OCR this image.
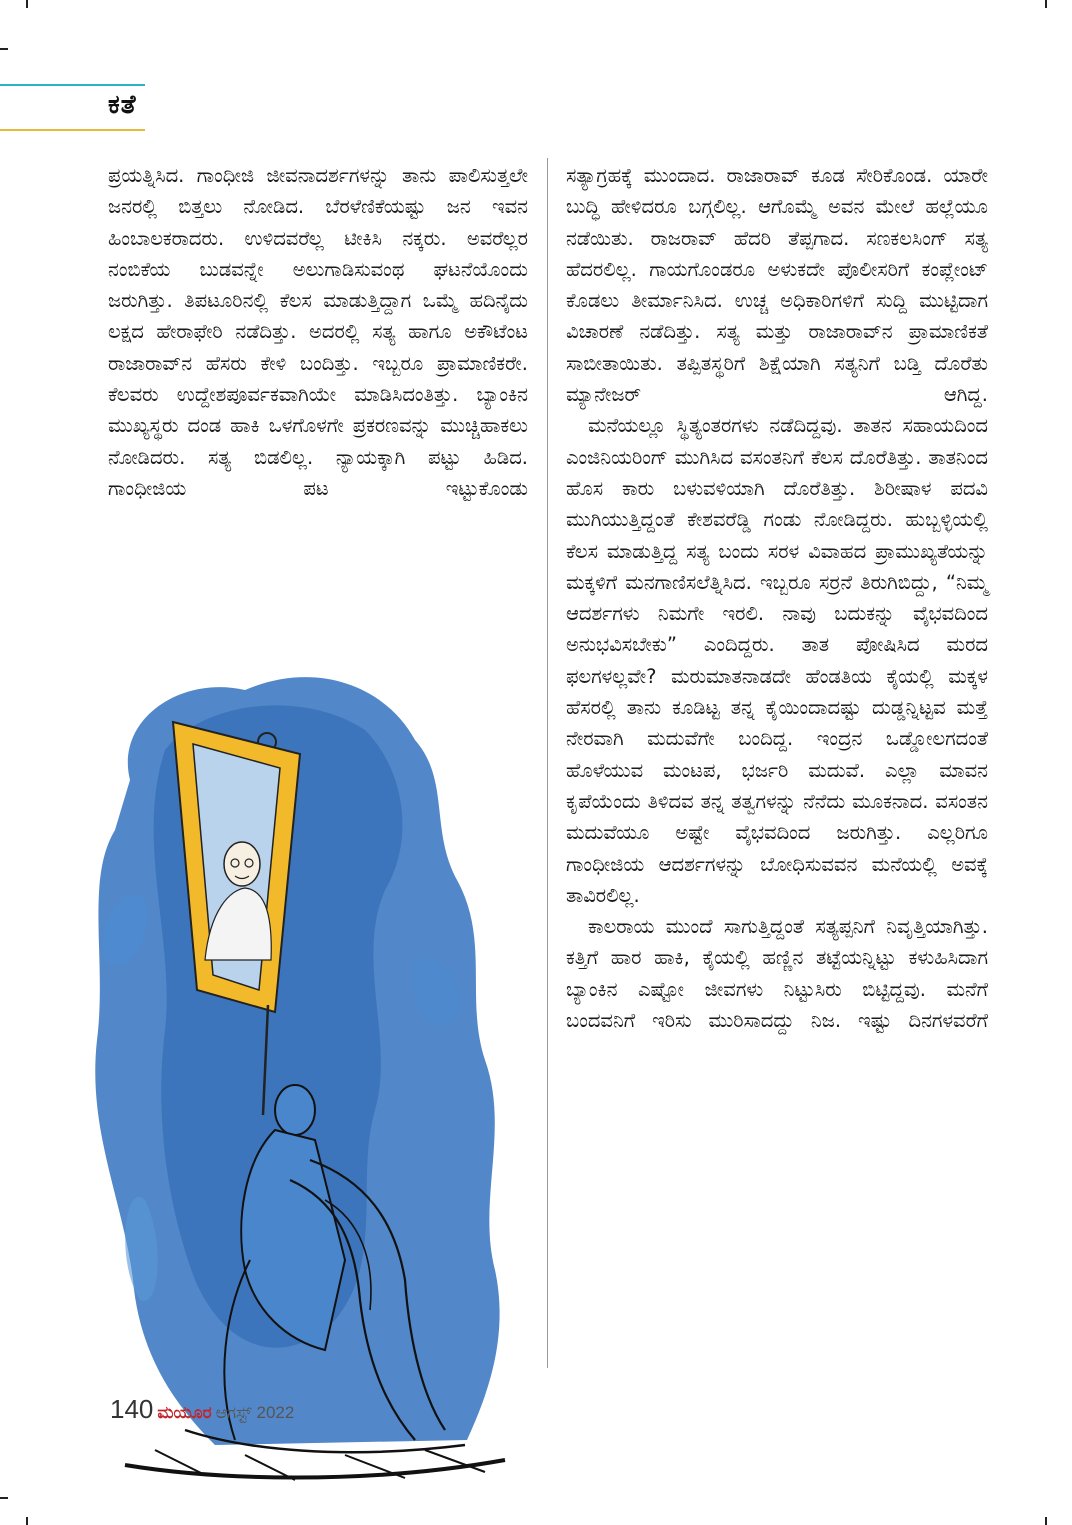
ಕತೆ

ಪ್ರಯತ್ನಿಸಿದ. ಗಾಂಧೀಜಿ ಜೀವನಾದರ್ಶಗಳನ್ನು ತಾನು ಪಾಲಿಸುತ್ತಲೇ ಜನರಲ್ಲಿ ಬಿತ್ತಲು ನೋಡಿದ. ಬೆರಳೆಣಿಕೆಯಷ್ಟು ಜನ ಇವನ ಹಿಂಬಾಲಕರಾದರು. ಉಳಿದವರೆಲ್ಲ ಟೀಕಿಸಿ ನಕ್ಕರು. ಅವರೆಲ್ಲರ ನಂಬಿಕೆಯ ಬುಡವನ್ನೇ ಅಲುಗಾಡಿಸುವಂಥ ಘಟನೆಯೊಂದು ಜರುಗಿತ್ತು. ತಿಪಟೂರಿನಲ್ಲಿ ಕೆಲಸ ಮಾಡುತ್ತಿದ್ದಾಗ ಒಮ್ಮೆ ಹದಿನೈದು ಲಕ್ಷದ ಹೇರಾಫೇರಿ ನಡೆದಿತ್ತು. ಅದರಲ್ಲಿ ಸತ್ಯ ಹಾಗೂ ಅಕೌಟೆಂಟ ರಾಜಾರಾವ್‌ನ ಹೆಸರು ಕೇಳಿ ಬಂದಿತ್ತು. ಇಬ್ಬರೂ ಪ್ರಾಮಾಣಿಕರೇ. ಕೆಲವರು ಉದ್ದೇಶಪೂರ್ವಕವಾಗಿಯೇ ಮಾಡಿಸಿದಂತಿತ್ತು. ಬ್ಯಾಂಕಿನ ಮುಖ್ಯಸ್ಥರು ದಂಡ ಹಾಕಿ ಒಳಗೊಳಗೇ ಪ್ರಕರಣವನ್ನು ಮುಚ್ಚಿಹಾಕಲು ನೋಡಿದರು. ಸತ್ಯ ಬಿಡಲಿಲ್ಲ. ನ್ಯಾಯಕ್ಕಾಗಿ ಪಟ್ಟು ಹಿಡಿದ. ಗಾಂಧೀಜಿಯ ಪಟ ಇಟ್ಟುಕೊಂಡು

ಸತ್ಯಾಗ್ರಹಕ್ಕೆ ಮುಂದಾದ. ರಾಜಾರಾವ್ ಕೂಡ ಸೇರಿಕೊಂಡ. ಯಾರೇ ಬುದ್ಧಿ ಹೇಳಿದರೂ ಬಗ್ಗಲಿಲ್ಲ. ಆಗೊಮ್ಮೆ ಅವನ ಮೇಲೆ ಹಲ್ಲೆಯೂ ನಡೆಯಿತು. ರಾಜರಾವ್ ಹೆದರಿ ತೆಪ್ಪಗಾದ. ಸಣಕಲಸಿಂಗ್ ಸತ್ಯ ಹೆದರಲಿಲ್ಲ. ಗಾಯಗೊಂಡರೂ ಅಳುಕದೇ ಪೊಲೀಸರಿಗೆ ಕಂಪ್ಲೇಂಟ್ ಕೊಡಲು ತೀರ್ಮಾನಿಸಿದ. ಉಚ್ಚ ಅಧಿಕಾರಿಗಳಿಗೆ ಸುದ್ದಿ ಮುಟ್ಟಿದಾಗ ವಿಚಾರಣೆ ನಡೆದಿತ್ತು. ಸತ್ಯ ಮತ್ತು ರಾಜಾರಾವ್‌ನ ಪ್ರಾಮಾಣಿಕತೆ ಸಾಬೀತಾಯಿತು. ತಪ್ಪಿತಸ್ಥರಿಗೆ ಶಿಕ್ಷೆಯಾಗಿ ಸತ್ಯನಿಗೆ ಬಡ್ತಿ ದೊರೆತು ಮ್ಯಾನೇಜರ್ ಆಗಿದ್ದ.

ಮನೆಯಲ್ಲೂ ಸ್ಥಿತ್ಯಂತರಗಳು ನಡೆದಿದ್ದವು. ತಾತನ ಸಹಾಯದಿಂದ ಎಂಜಿನಿಯರಿಂಗ್ ಮುಗಿಸಿದ ವಸಂತನಿಗೆ ಕೆಲಸ ದೊರೆತಿತ್ತು. ತಾತನಿಂದ ಹೊಸ ಕಾರು ಬಳುವಳಿಯಾಗಿ ದೊರೆತಿತ್ತು. ಶಿರೀಷಾಳ ಪದವಿ ಮುಗಿಯುತ್ತಿದ್ದಂತೆ ಕೇಶವರೆಡ್ಡಿ ಗಂಡು ನೋಡಿದ್ದರು. ಹುಬ್ಬಳ್ಳಿಯಲ್ಲಿ ಕೆಲಸ ಮಾಡುತ್ತಿದ್ದ ಸತ್ಯ ಬಂದು ಸರಳ ವಿವಾಹದ ಪ್ರಾಮುಖ್ಯತೆಯನ್ನು ಮಕ್ಕಳಿಗೆ ಮನಗಾಣಿಸಲೆತ್ನಿಸಿದ. ಇಬ್ಬರೂ ಸರ‍್ರನೆ ತಿರುಗಿಬಿದ್ದು, “ನಿಮ್ಮ ಆದರ್ಶಗಳು ನಿಮಗೇ ಇರಲಿ. ನಾವು ಬದುಕನ್ನು ವೈಭವದಿಂದ ಅನುಭವಿಸಬೇಕು” ಎಂದಿದ್ದರು. ತಾತ ಪೋಷಿಸಿದ ಮರದ ಫಲಗಳಲ್ಲವೇ? ಮರುಮಾತನಾಡದೇ ಹೆಂಡತಿಯ ಕೈಯಲ್ಲಿ ಮಕ್ಕಳ ಹೆಸರಲ್ಲಿ ತಾನು ಕೂಡಿಟ್ಟ ತನ್ನ ಕೈಯಿಂದಾದಷ್ಟು ದುಡ್ಡನ್ನಿಟ್ಟವ ಮತ್ತೆ ನೇರವಾಗಿ ಮದುವೆಗೇ ಬಂದಿದ್ದ. ಇಂದ್ರನ ಒಡ್ಡೋಲಗದಂತೆ ಹೊಳೆಯುವ ಮಂಟಪ, ಭರ್ಜರಿ ಮದುವೆ. ಎಲ್ಲಾ ಮಾವನ ಕೃಪೆಯೆಂದು ತಿಳಿದವ ತನ್ನ ತತ್ವಗಳನ್ನು ನೆನೆದು ಮೂಕನಾದ. ವಸಂತನ ಮದುವೆಯೂ ಅಷ್ಟೇ ವೈಭವದಿಂದ ಜರುಗಿತ್ತು. ಎಲ್ಲರಿಗೂ ಗಾಂಧೀಜಿಯ ಆದರ್ಶಗಳನ್ನು ಬೋಧಿಸುವವನ ಮನೆಯಲ್ಲಿ ಅವಕ್ಕೆ ತಾವಿರಲಿಲ್ಲ.

ಕಾಲರಾಯ ಮುಂದೆ ಸಾಗುತ್ತಿದ್ದಂತೆ ಸತ್ಯಪ್ಪನಿಗೆ ನಿವೃತ್ತಿಯಾಗಿತ್ತು. ಕತ್ತಿಗೆ ಹಾರ ಹಾಕಿ, ಕೈಯಲ್ಲಿ ಹಣ್ಣಿನ ತಟ್ಟೆಯನ್ನಿಟ್ಟು ಕಳುಹಿಸಿದಾಗ ಬ್ಯಾಂಕಿನ ಎಷ್ಟೋ ಜೀವಗಳು ನಿಟ್ಟುಸಿರು ಬಿಟ್ಟಿದ್ದವು. ಮನೆಗೆ ಬಂದವನಿಗೆ ಇರಿಸು ಮುರಿಸಾದದ್ದು ನಿಜ. ಇಷ್ಟು ದಿನಗಳವರೆಗೆ

140 ಮಯೂರ ಆಗಸ್ಟ್ 2022
